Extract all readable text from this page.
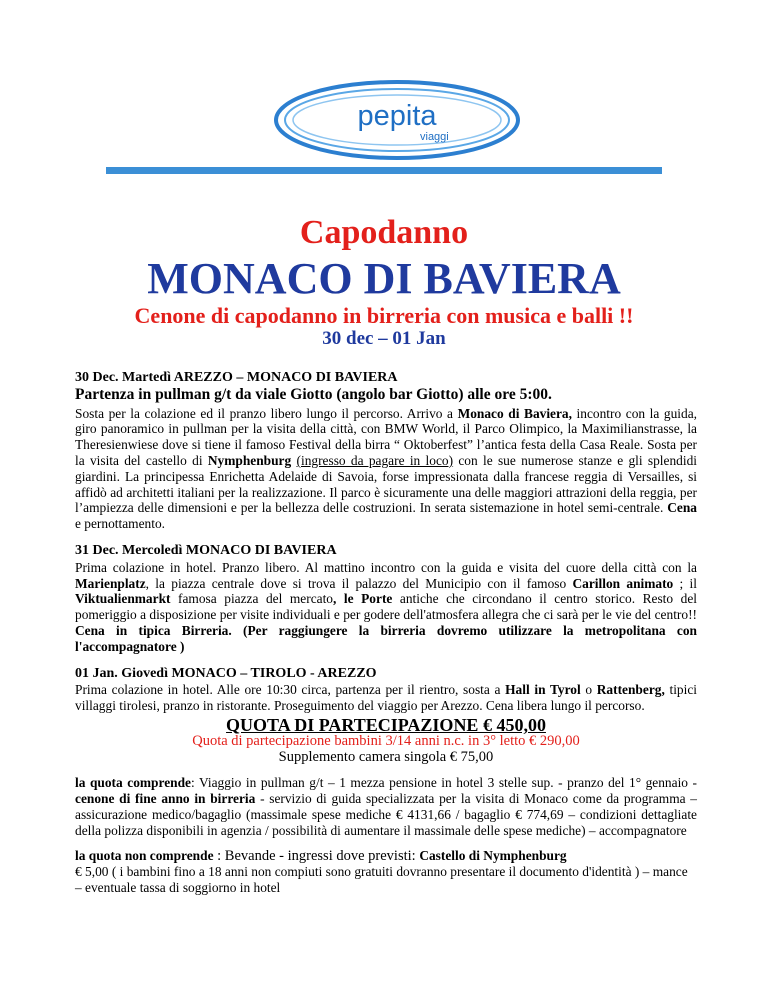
pepita
viaggi
Capodanno
MONACO DI BAVIERA
Cenone di capodanno in birreria con musica e balli !!
30 dec – 01 Jan

30 Dec. Martedì AREZZO – MONACO DI BAVIERA

Partenza in pullman g/t da viale Giotto (angolo bar Giotto) alle ore 5:00.

Sosta per la colazione ed il pranzo libero lungo il percorso. Arrivo a Monaco di Baviera, incontro con la guida, giro panoramico in pullman per la visita della città, con BMW World, il Parco Olimpico, la Maximilianstrasse, la Theresienwiese dove si tiene il famoso Festival della birra “ Oktoberfest” l’antica festa della Casa Reale. Sosta per la visita del castello di Nymphenburg (ingresso da pagare in loco) con le sue numerose stanze e gli splendidi giardini. La principessa Enrichetta Adelaide di Savoia, forse impressionata dalla francese reggia di Versailles, si affidò ad architetti italiani per la realizzazione. Il parco è sicuramente una delle maggiori attrazioni della reggia, per l’ampiezza delle dimensioni e per la bellezza delle costruzioni. In serata sistemazione in hotel semi-centrale. Cena e pernottamento.

31 Dec. Mercoledì MONACO DI BAVIERA

Prima colazione in hotel. Pranzo libero. Al mattino incontro con la guida e visita del cuore della città con la Marienplatz, la piazza centrale dove si trova il palazzo del Municipio con il famoso Carillon animato ; il Viktualienmarkt famosa piazza del mercato, le Porte antiche che circondano il centro storico. Resto del pomeriggio a disposizione per visite individuali e per godere dell'atmosfera allegra che ci sarà per le vie del centro!! Cena in tipica Birreria. (Per raggiungere la birreria dovremo utilizzare la metropolitana con l'accompagnatore )

01 Jan. Giovedì MONACO – TIROLO - AREZZO

Prima colazione in hotel. Alle ore 10:30 circa, partenza per il rientro, sosta a Hall in Tyrol o Rattenberg, tipici villaggi tirolesi, pranzo in ristorante. Proseguimento del viaggio per Arezzo. Cena libera lungo il percorso.

QUOTA DI PARTECIPAZIONE € 450,00

Quota di partecipazione bambini 3/14 anni n.c. in 3° letto € 290,00

Supplemento camera singola € 75,00

la quota comprende: Viaggio in pullman g/t – 1 mezza pensione in hotel 3 stelle sup. - pranzo del 1° gennaio - cenone di fine anno in birreria - servizio di guida specializzata per la visita di Monaco come da programma – assicurazione medico/bagaglio (massimale spese mediche € 4131,66 / bagaglio € 774,69 – condizioni dettagliate della polizza disponibili in agenzia / possibilità di aumentare il massimale delle spese mediche) – accompagnatore

la quota non comprende : Bevande - ingressi dove previsti: Castello di Nymphenburg
€ 5,00 ( i bambini fino a 18 anni non compiuti sono gratuiti dovranno presentare il documento d'identità ) – mance – eventuale tassa di soggiorno in hotel
